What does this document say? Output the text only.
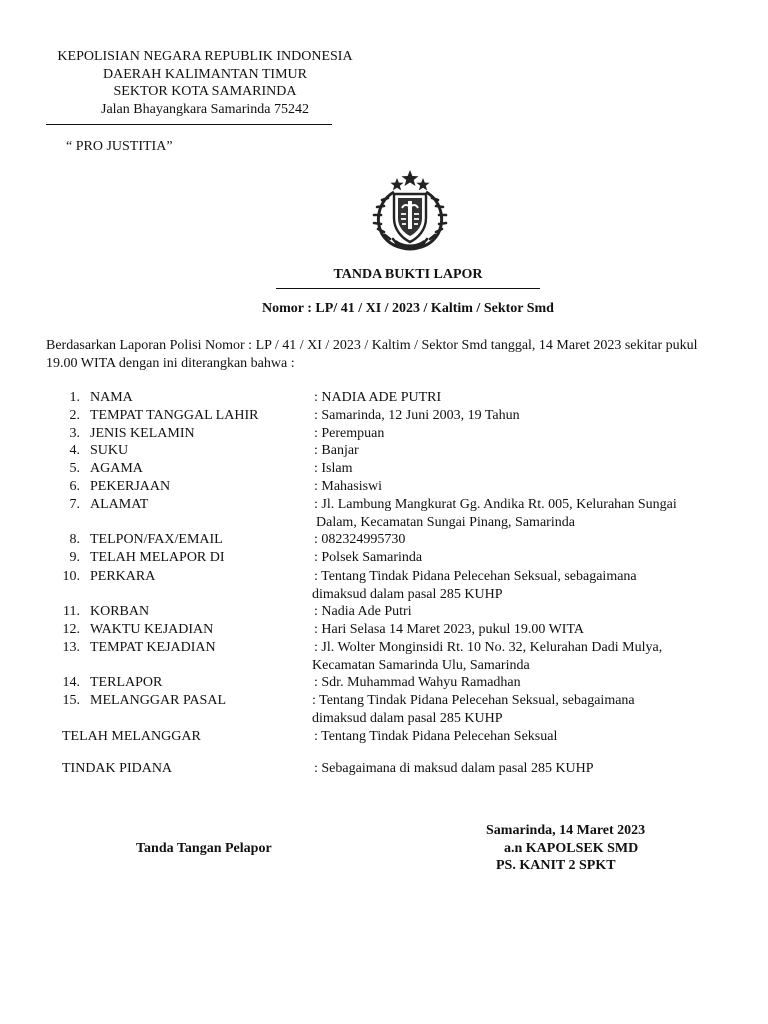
KEPOLISIAN NEGARA REPUBLIK INDONESIA
DAERAH KALIMANTAN TIMUR
SEKTOR KOTA SAMARINDA
Jalan Bhayangkara Samarinda 75242
“ PRO JUSTITIA”
TANDA BUKTI LAPOR
Nomor : LP/ 41 / XI / 2023 / Kaltim / Sektor Smd
Berdasarkan Laporan Polisi Nomor : LP / 41 / XI / 2023 / Kaltim / Sektor Smd tanggal, 14 Maret 2023 sekitar pukul 19.00 WITA dengan ini diterangkan bahwa :
1. NAMA	: NADIA ADE PUTRI
2. TEMPAT TANGGAL LAHIR	: Samarinda, 12 Juni 2003, 19 Tahun
3. JENIS KELAMIN	: Perempuan
4. SUKU	: Banjar
5. AGAMA	: Islam
6. PEKERJAAN	: Mahasiswi
7. ALAMAT	: Jl. Lambung Mangkurat Gg. Andika Rt. 005, Kelurahan Sungai
Dalam, Kecamatan Sungai Pinang, Samarinda
8. TELPON/FAX/EMAIL	: 082324995730
9. TELAH MELAPOR DI	: Polsek Samarinda
10. PERKARA	: Tentang Tindak Pidana Pelecehan Seksual, sebagaimana
dimaksud dalam pasal 285 KUHP
11. KORBAN	: Nadia Ade Putri
12. WAKTU KEJADIAN	: Hari Selasa 14 Maret 2023, pukul 19.00 WITA
13. TEMPAT KEJADIAN	: Jl. Wolter Monginsidi Rt. 10 No. 32, Kelurahan Dadi Mulya,
Kecamatan Samarinda Ulu, Samarinda
14. TERLAPOR	: Sdr. Muhammad Wahyu Ramadhan
15. MELANGGAR PASAL	: Tentang Tindak Pidana Pelecehan Seksual, sebagaimana
dimaksud dalam pasal 285 KUHP
TELAH MELANGGAR	: Tentang Tindak Pidana Pelecehan Seksual
TINDAK PIDANA	: Sebagaimana di maksud dalam pasal 285 KUHP
Tanda Tangan Pelapor
Samarinda, 14 Maret 2023
a.n KAPOLSEK SMD
PS. KANIT 2 SPKT
